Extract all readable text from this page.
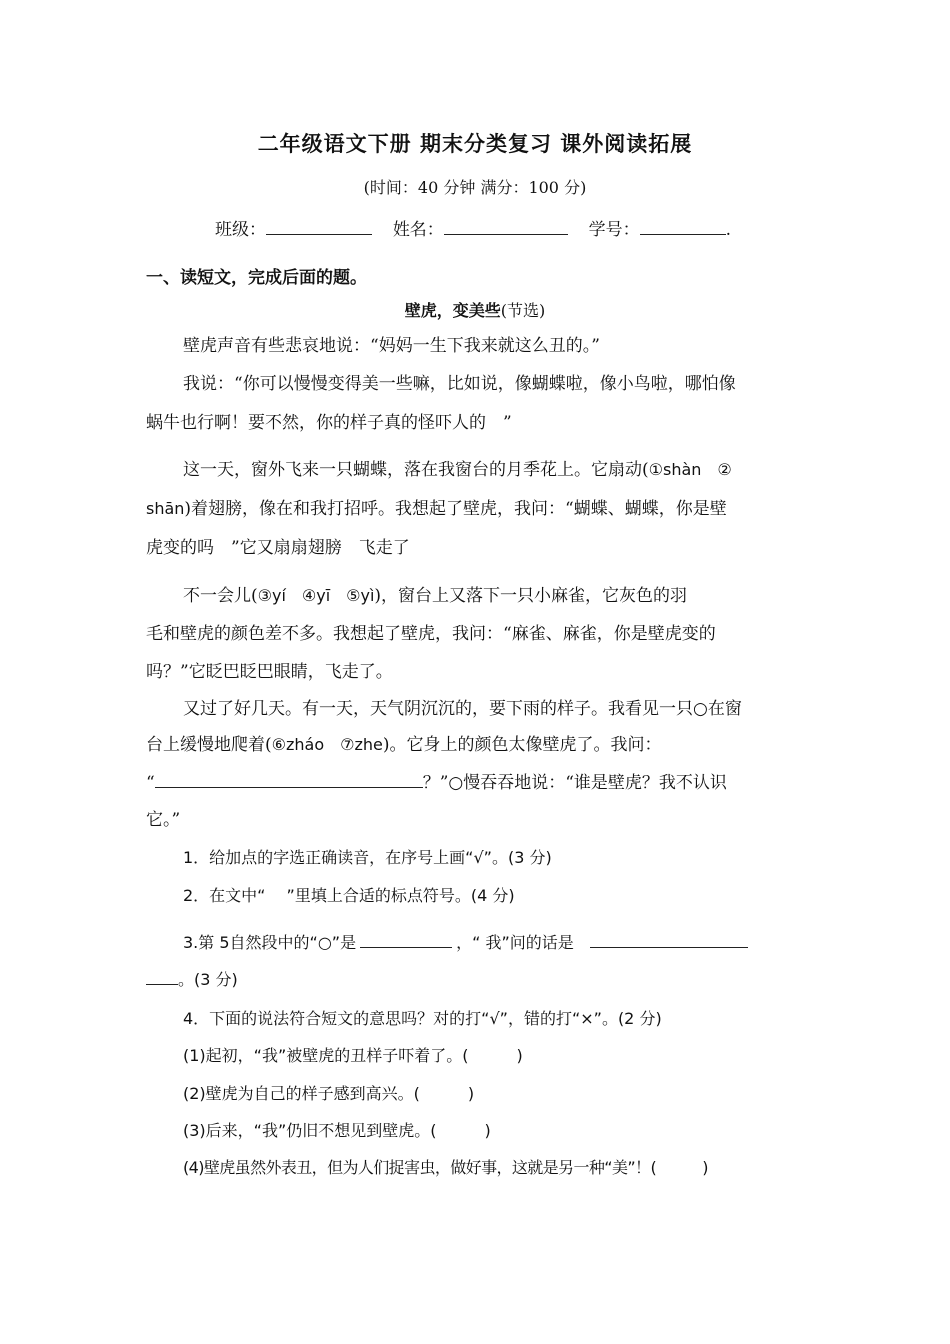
二年级语文下册 期末分类复习 课外阅读拓展
(时间：40 分钟 满分：100 分)
班级：	姓名：	学号：	.
一、读短文，完成后面的题。
壁虎，变美些(节选)
壁虎声音有些悲哀地说：“妈妈一生下我来就这么丑的。”
我说：“你可以慢慢变得美一些嘛，比如说，像蝴蝶啦，像小鸟啦，哪怕像
蜗牛也行啊！要不然，你的样子真的怪吓人的　”
这一天，窗外飞来一只蝴蝶，落在我窗台的月季花上。它扇动(①shàn　②
shān)着翅膀，像在和我打招呼。我想起了壁虎，我问：“蝴蝶、蝴蝶，你是壁
虎变的吗　”它又扇扇翅膀　飞走了
不一会儿(③yí　④yī　⑤yì)，窗台上又落下一只小麻雀，它灰色的羽
毛和壁虎的颜色差不多。我想起了壁虎，我问：“麻雀、麻雀，你是壁虎变的
吗？”它眨巴眨巴眼睛，飞走了。
又过了好几天。有一天，天气阴沉沉的，要下雨的样子。我看见一只○在窗
台上缓慢地爬着(⑥zháo　⑦zhe)。它身上的颜色太像壁虎了。我问：
“	？”○慢吞吞地说：“谁是壁虎？我不认识
它。”
1．给加点的字选正确读音，在序号上画“√”。(3 分)
2．在文中“　 ”里填上合适的标点符号。(4 分)
3.第 5自然段中的“○”是	，“ 我”问的话是
。(3 分)
4．下面的说法符合短文的意思吗？对的打“√”，错的打“×”。(2 分)
(1)起初，“我”被壁虎的丑样子吓着了。(　　　)
(2)壁虎为自己的样子感到高兴。(　　　)
(3)后来，“我”仍旧不想见到壁虎。(　　　)
(4)壁虎虽然外表丑，但为人们捉害虫，做好事，这就是另一种“美”！(　　　)
